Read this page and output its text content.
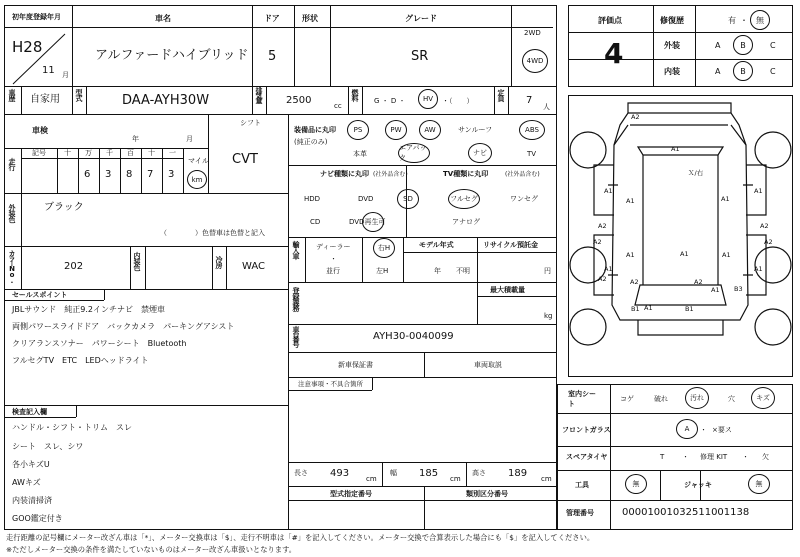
初年度登録年月
H28
11 月
車名
アルファードハイブリッド
ドア
5
形状	グレード
SR
2WD
4WD
評価点
4
修復歴	有 ・ 無
外装	A B	C
内装	A B	C
車歴 自家用 型式	DAA-AYH30W	排気量 2500	cc
燃料 G ・ D ・ HV ・（　　）	定員 7
人
車検
年	月
シフト
CVT
走行
記号	十 万 千 百 十 一
6 3 8 7 3
マイル
km
外装色	ブラック
（　　　　）色替車は色替と記入
カラーNo.	202	内装色	冷房 WAC
セールスポイント
JBLサウンド　純正9.2インチナビ　禁煙車
両側パワースライドドア　バックカメラ　パーキングアシスト
クリアランスソナー　パワーシート　Bluetooth
フルセグTV　ETC　LEDヘッドライト
検査記入欄
ハンドル・シフト・トリム　スレ
シート　スレ、シワ
各小キズU
AWキズ
内装清掃済
GOO鑑定付き
装備品に丸印
(純正のみ)
PS	PW	AW	サンルーフ	ABS
本革
エアバック
ナビ	TV
ナビ種類に丸印 (社外品含む)
HDD	DVD	SD
CD	DVD再生可
TV種類に丸印	(社外品含む)
フルセグ	ワンセグ
アナログ
輸入車 ディーラー
・
並行
右H
左H
モデル年式
年 不明
リサイクル預託金
円
登録義務	最大積載量
kg
車台番号	AYH30-0040099
新車保証書	車両取説
注意事項・不具合箇所
長さ 493 cm
幅 185 cm
高さ 189 cm
型式指定番号	類別区分番号
A2
A1
A1	A1
A1	A1
A2	A2
A1
A1	A1
A2	A2	A2
A1 B3
B1	B1
A2
A1
A1
A2
A1
Ｘ/右
室内シート
コゲ	破れ	汚れ	穴	キズ
フロントガラス	A ・ ×要ス
スペアタイヤ	T	・ 修理 KIT ・ 欠
工具	無	ジャッキ	無
管理番号	00001001032511001138
走行距離の記号欄にメーター改ざん車は「*」、メーター交換車は「$」、走行不明車は「#」を記入してください。メーター交換で合算表示した場合にも「$」を記入してください。
※ただしメーター交換の条件を満たしていないものはメーター改ざん車扱いとなります。
